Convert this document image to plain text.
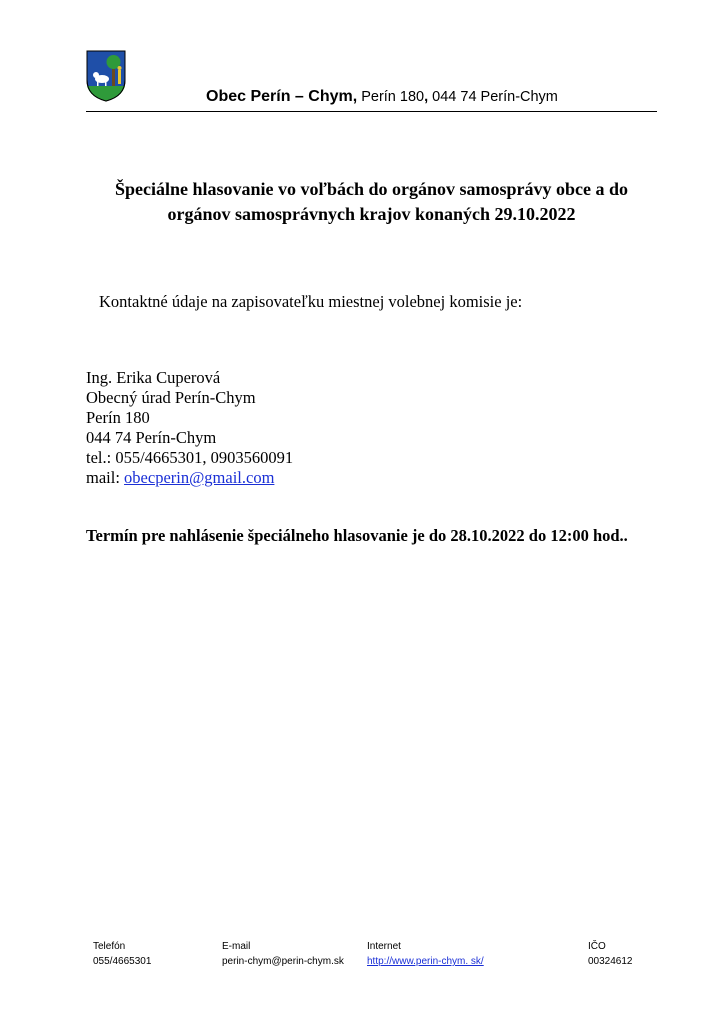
Obec Perín – Chym, Perín 180, 044 74 Perín-Chym
Špeciálne hlasovanie vo voľbách do orgánov samosprávy obce a do
orgánov samosprávnych krajov konaných 29.10.2022
Kontaktné údaje na zapisovateľku miestnej volebnej komisie je:
Ing. Erika Cuperová
Obecný úrad Perín-Chym
Perín 180
044 74 Perín-Chym
tel.: 055/4665301, 0903560091
mail: obecperin@gmail.com
Termín pre nahlásenie špeciálneho hlasovanie je do 28.10.2022 do 12:00 hod..
Telefón
055/4665301
E-mail
perin-chym@perin-chym.sk
Internet
http://www.perin-chym. sk/
IČO
00324612
